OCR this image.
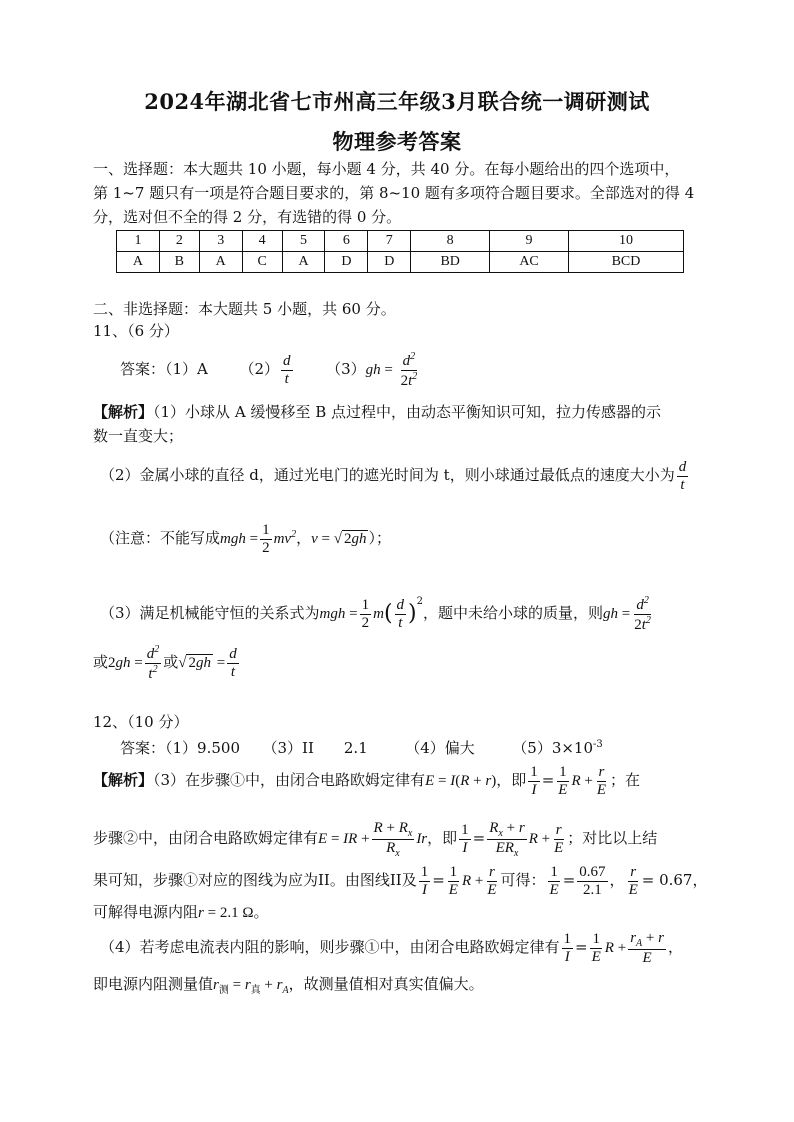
2024年湖北省七市州高三年级3月联合统一调研测试
物理参考答案
一、选择题：本大题共 10 小题，每小题 4 分，共 40 分。在每小题给出的四个选项中，
第 1~7 题只有一项是符合题目要求的，第 8~10 题有多项符合题目要求。全部选对的得 4
分，选对但不全的得 2 分，有选错的得 0 分。
1	2	3	4	5	6	7	8	9	10
A	B	A	C	A	D	D	BD	AC	BCD
二、非选择题：本大题共 5 小题，共 60 分。
11、（6 分）
答案：（1）A $(2) \frac{d}{t} (3)gh = \frac{d^2}{2t^2}$
【解析】（1）小球从 A 缓慢移至 B 点过程中，由动态平衡知识可知，拉力传感器的示
数一直变大；
（2）金属小球的直径 d，通过光电门的遮光时间为 t，则小球通过最低点的速度大小为 $\frac{d}{t}$
（注意：不能写成mgh = $\frac{1}{2} mv^2$，v = √ 2gh ）；
（3）满足机械能守恒的关系式为mgh = $\frac{1}{2} m( \frac{d}{t} )^2$，题中未给小球的质量，则gh = $\frac{d^2}{2t^2}$
或$2gh = \frac{d^2}{t^2}$ 或√ $2gh = \frac{d}{t}$
12、（10 分）
答案：（1）9.500　　（3）II　　2.1　　　（4）偏大　　　$(5)3\times 10^{-3}$
【解析】（3）在步骤①中，由闭合电路欧姆定律有E = I(R + r)，即 $\frac{1}{I} = \frac{1}{E}$ $R + \frac{r}{E}$ ；在
步骤②中，由闭合电路欧姆定律有E = IR + $\frac{R + R_x}{R_x}$ Ir，即 $\frac{1}{I} = \frac{R_x + r}{ER_x}$ $R + \frac{r}{E}$ ；对比以上结
果可知，步骤①对应的图线为应为II。由图线II及 $\frac{1}{I} = \frac{1}{E}$ $R + \frac{r}{E}$ 可得： $\frac{1}{E} = \frac{0.67}{2.1}$ ， $\frac{r}{E} = 0.67$，
可解得电源内阻r = 2.1 Ω。
（4）若考虑电流表内阻的影响，则步骤①中，由闭合电路欧姆定律有 $\frac{1}{I} = \frac{1}{E}$ $R + \frac{r_A + r}{E}$ ，
即电源内阻测量值$r_测 = r_真 + r_A$，故测量值相对真实值偏大。
